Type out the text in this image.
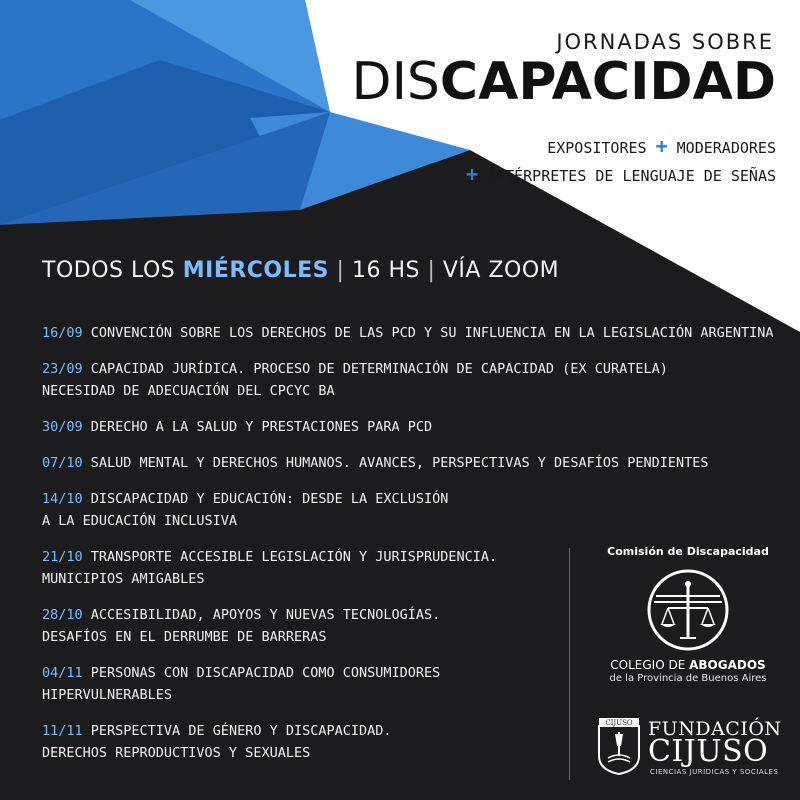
JORNADAS SOBRE
DISCAPACIDAD
EXPOSITORES + MODERADORES
+ INTÉRPRETES DE LENGUAJE DE SEÑAS
TODOS LOS MIÉRCOLES | 16 HS | VÍA ZOOM
16/09 CONVENCIÓN SOBRE LOS DERECHOS DE LAS PCD Y SU INFLUENCIA EN LA LEGISLACIÓN ARGENTINA
23/09 CAPACIDAD JURÍDICA. PROCESO DE DETERMINACIÓN DE CAPACIDAD (EX CURATELA)
NECESIDAD DE ADECUACIÓN DEL CPCYC BA
30/09 DERECHO A LA SALUD Y PRESTACIONES PARA PCD
07/10 SALUD MENTAL Y DERECHOS HUMANOS. AVANCES, PERSPECTIVAS Y DESAFÍOS PENDIENTES
14/10 DISCAPACIDAD Y EDUCACIÓN: DESDE LA EXCLUSIÓN
A LA EDUCACIÓN INCLUSIVA
21/10 TRANSPORTE ACCESIBLE LEGISLACIÓN Y JURISPRUDENCIA.
MUNICIPIOS AMIGABLES
28/10 ACCESIBILIDAD, APOYOS Y NUEVAS TECNOLOGÍAS.
DESAFÍOS EN EL DERRUMBE DE BARRERAS
04/11 PERSONAS CON DISCAPACIDAD COMO CONSUMIDORES
HIPERVULNERABLES
11/11 PERSPECTIVA DE GÉNERO Y DISCAPACIDAD.
DERECHOS REPRODUCTIVOS Y SEXUALES
Comisión de Discapacidad
COLEGIO DE ABOGADOS
de la Provincia de Buenos Aires
CIJUSO FUNDACIÓN
CIJUSO
CIENCIAS JURÍDICAS Y SOCIALES
